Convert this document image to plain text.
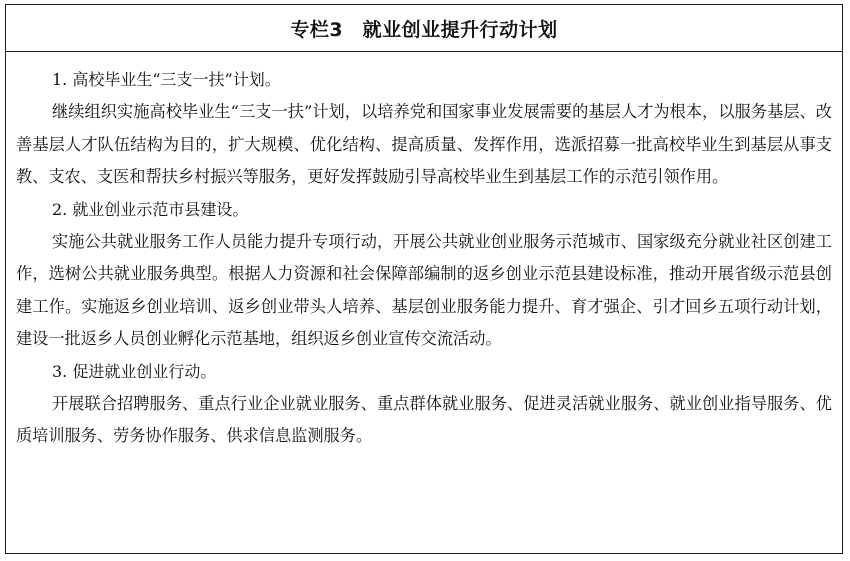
专栏3　就业创业提升行动计划

1. 高校毕业生“三支一扶”计划。

继续组织实施高校毕业生“三支一扶”计划，以培养党和国家事业发展需要的基层人才为根本，以服务基层、改善基层人才队伍结构为目的，扩大规模、优化结构、提高质量、发挥作用，选派招募一批高校毕业生到基层从事支教、支农、支医和帮扶乡村振兴等服务，更好发挥鼓励引导高校毕业生到基层工作的示范引领作用。

2. 就业创业示范市县建设。

实施公共就业服务工作人员能力提升专项行动，开展公共就业创业服务示范城市、国家级充分就业社区创建工作，选树公共就业服务典型。根据人力资源和社会保障部编制的返乡创业示范县建设标准，推动开展省级示范县创建工作。实施返乡创业培训、返乡创业带头人培养、基层创业服务能力提升、育才强企、引才回乡五项行动计划，建设一批返乡人员创业孵化示范基地，组织返乡创业宣传交流活动。

3. 促进就业创业行动。

开展联合招聘服务、重点行业企业就业服务、重点群体就业服务、促进灵活就业服务、就业创业指导服务、优质培训服务、劳务协作服务、供求信息监测服务。
